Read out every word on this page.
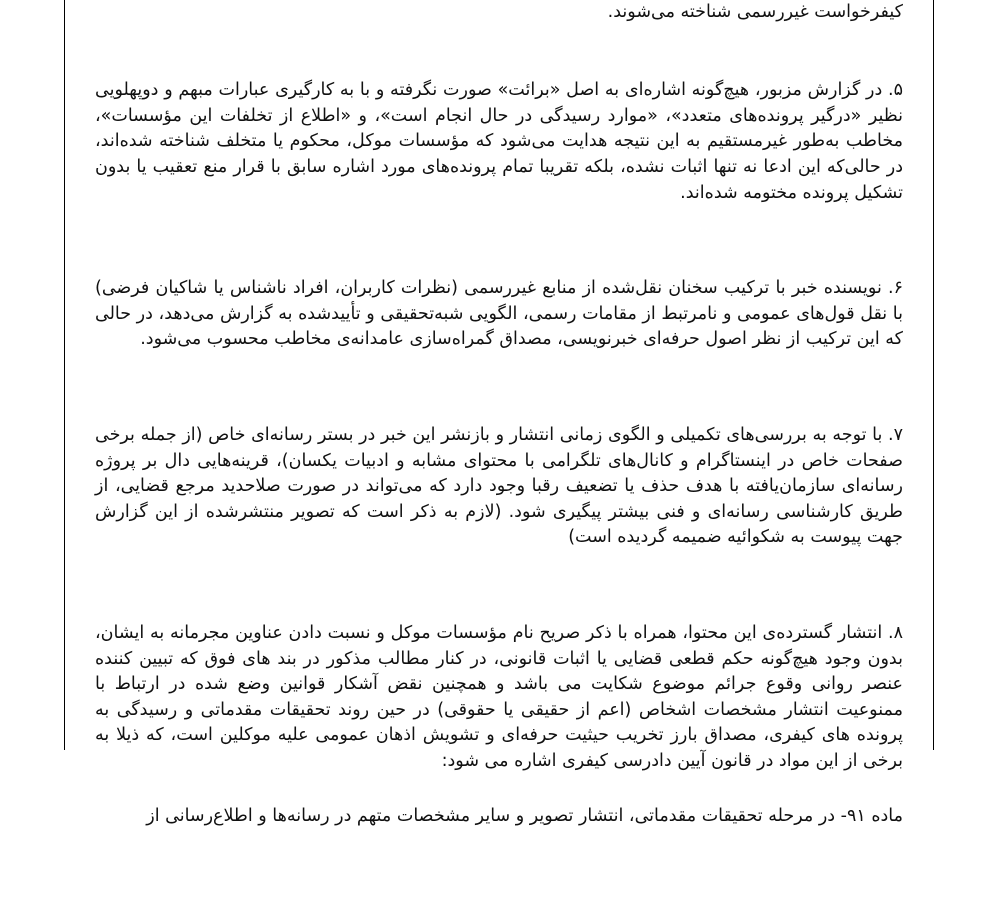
کیفرخواست غیررسمی شناخته می‌شوند.

۵. در گزارش مزبور، هیچ‌گونه اشاره‌ای به اصل «برائت» صورت نگرفته و با به کارگیری عبارات مبهم و دوپهلویی نظیر «درگیر پرونده‌های متعدد»، «موارد رسیدگی در حال انجام است»، و «اطلاع از تخلفات این مؤسسات»، مخاطب به‌طور غیرمستقیم به این نتیجه هدایت می‌شود که مؤسسات موکل، محکوم یا متخلف شناخته شده‌اند، در حالی‌که این ادعا نه تنها اثبات نشده، بلکه تقریبا تمام پرونده‌های مورد اشاره سابق با قرار منع تعقیب یا بدون تشکیل پرونده مختومه شده‌اند.

۶. نویسنده خبر با ترکیب سخنان نقل‌شده از منابع غیررسمی (نظرات کاربران، افراد ناشناس یا شاکیان فرضی) با نقل قول‌های عمومی و نامرتبط از مقامات رسمی، الگویی شبه‌تحقیقی و تأییدشده به گزارش می‌دهد، در حالی که این ترکیب از نظر اصول حرفه‌ای خبرنویسی، مصداق گمراه‌سازی عامدانه‌ی مخاطب محسوب می‌شود.

۷. با توجه به بررسی‌های تکمیلی و الگوی زمانی انتشار و بازنشر این خبر در بستر رسانه‌ای خاص (از جمله برخی صفحات خاص در اینستاگرام و کانال‌های تلگرامی با محتوای مشابه و ادبیات یکسان)، قرینه‌هایی دال بر پروژه رسانه‌ای سازمان‌یافته با هدف حذف یا تضعیف رقبا وجود دارد که می‌تواند در صورت صلاحدید مرجع قضایی، از طریق کارشناسی رسانه‌ای و فنی بیشتر پیگیری شود. (لازم به ذکر است که تصویر منتشرشده از این گزارش جهت پیوست به شکوائیه ضمیمه گردیده است)

۸. انتشار گسترده‌ی این محتوا، همراه با ذکر صریح نام مؤسسات موکل و نسبت دادن عناوین مجرمانه به ایشان، بدون وجود هیچ‌گونه حکم قطعی قضایی یا اثبات قانونی، در کنار مطالب مذکور در بند های فوق که تبیین کننده عنصر روانی وقوع جرائم موضوع شکایت می باشد و همچنین نقض آشکار قوانین وضع شده در ارتباط با ممنوعیت انتشار مشخصات اشخاص (اعم از حقیقی یا حقوقی) در حین روند تحقیقات مقدماتی و رسیدگی به پرونده های کیفری، مصداق بارز تخریب حیثیت حرفه‌ای و تشویش اذهان عمومی علیه موکلین است، که ذیلا به برخی از این مواد در قانون آیین دادرسی کیفری اشاره می شود:

ماده ۹۱- در مرحله تحقیقات مقدماتی، انتشار تصویر و سایر مشخصات متهم در رسانه‌ها و اطلاع‌رسانی از
